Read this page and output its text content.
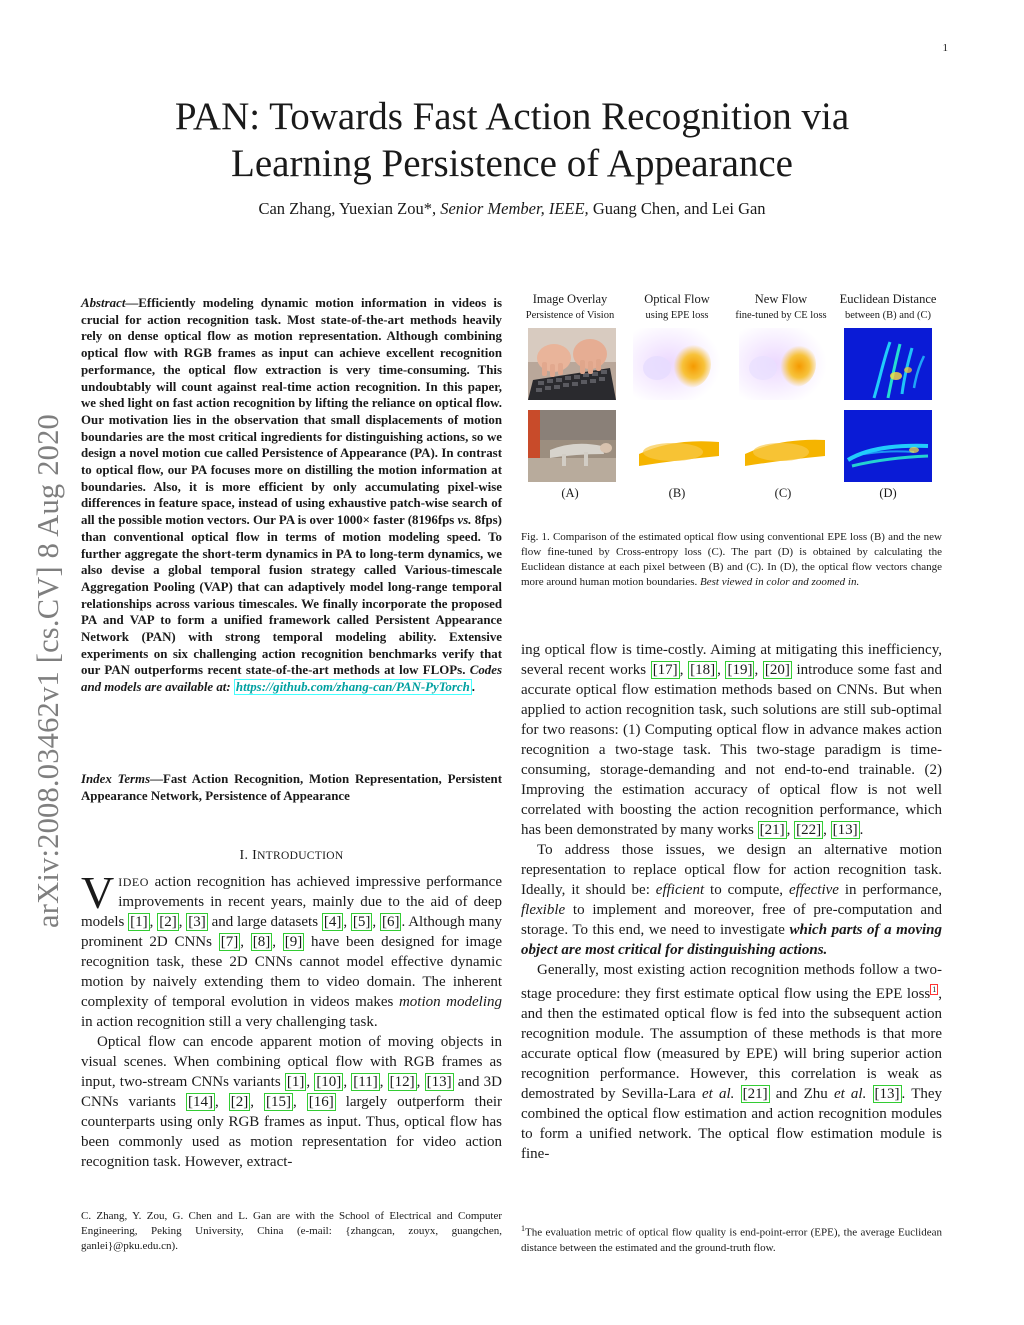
1
arXiv:2008.03462v1 [cs.CV] 8 Aug 2020
PAN: Towards Fast Action Recognition via
Learning Persistence of Appearance
Can Zhang, Yuexian Zou*, Senior Member, IEEE, Guang Chen, and Lei Gan
Abstract—Efficiently modeling dynamic motion information in videos is crucial for action recognition task. Most state-of-the-art methods heavily rely on dense optical flow as motion representation. Although combining optical flow with RGB frames as input can achieve excellent recognition performance, the optical flow extraction is very time-consuming. This undoubtably will count against real-time action recognition. In this paper, we shed light on fast action recognition by lifting the reliance on optical flow. Our motivation lies in the observation that small displacements of motion boundaries are the most critical ingredients for distinguishing actions, so we design a novel motion cue called Persistence of Appearance (PA). In contrast to optical flow, our PA focuses more on distilling the motion information at boundaries. Also, it is more efficient by only accumulating pixel-wise differences in feature space, instead of using exhaustive patch-wise search of all the possible motion vectors. Our PA is over 1000× faster (8196fps vs. 8fps) than conventional optical flow in terms of motion modeling speed. To further aggregate the short-term dynamics in PA to long-term dynamics, we also devise a global temporal fusion strategy called Various-timescale Aggregation Pooling (VAP) that can adaptively model long-range temporal relationships across various timescales. We finally incorporate the proposed PA and VAP to form a unified framework called Persistent Appearance Network (PAN) with strong temporal modeling ability. Extensive experiments on six challenging action recognition benchmarks verify that our PAN outperforms recent state-of-the-art methods at low FLOPs. Codes and models are available at: https://github.com/zhang-can/PAN-PyTorch .
Index Terms—Fast Action Recognition, Motion Representation, Persistent Appearance Network, Persistence of Appearance
I. INTRODUCTION

VIDEO action recognition has achieved impressive performance improvements in recent years, mainly due to the aid of deep models [1] , [2] , [3] and large datasets [4] , [5] , [6] . Although many prominent 2D CNNs [7] , [8] , [9] have been designed for image recognition task, these 2D CNNs cannot model effective dynamic motion by naively extending them to video domain. The inherent complexity of temporal evolution in videos makes motion modeling in action recognition still a very challenging task.

Optical flow can encode apparent motion of moving objects in visual scenes. When combining optical flow with RGB frames as input, two-stream CNNs variants [1] , [10] , [11] , [12] , [13] and 3D CNNs variants [14] , [2] , [15] , [16] largely outperform their counterparts using only RGB frames as input. Thus, optical flow has been commonly used as motion representation for video action recognition task. However, extract-

C. Zhang, Y. Zou, G. Chen and L. Gan are with the School of Electrical and Computer Engineering, Peking University, China (e-mail: {zhangcan, zouyx, guangchen, ganlei}@pku.edu.cn).
Image Overlay
Persistence of Vision
Optical Flow
using EPE loss
New Flow
fine-tuned by CE loss
Euclidean Distance
between (B) and (C)
(A)	(B)	(C)	(D)
Fig. 1. Comparison of the estimated optical flow using conventional EPE loss (B) and the new flow fine-tuned by Cross-entropy loss (C). The part (D) is obtained by calculating the Euclidean distance at each pixel between (B) and (C). In (D), the optical flow vectors change more around human motion boundaries. Best viewed in color and zoomed in.

ing optical flow is time-costly. Aiming at mitigating this inefficiency, several recent works [17] , [18] , [19] , [20] introduce some fast and accurate optical flow estimation methods based on CNNs. But when applied to action recognition task, such solutions are still sub-optimal for two reasons: (1) Computing optical flow in advance makes action recognition a two-stage task. This two-stage paradigm is time-consuming, storage-demanding and not end-to-end trainable. (2) Improving the estimation accuracy of optical flow is not well correlated with boosting the action recognition performance, which has been demonstrated by many works [21] , [22] , [13] .

To address those issues, we design an alternative motion representation to replace optical flow for action recognition task. Ideally, it should be: efficient to compute, effective in performance, flexible to implement and moreover, free of pre-computation and storage. To this end, we need to investigate which parts of a moving object are most critical for distinguishing actions.

Generally, most existing action recognition methods follow a two-stage procedure: they first estimate optical flow using the EPE loss $^1$ , and then the estimated optical flow is fed into the subsequent action recognition module. The assumption of these methods is that more accurate optical flow (measured by EPE) will bring superior action recognition performance. However, this correlation is weak as demostrated by Sevilla-Lara et al. [21] and Zhu et al. [13] . They combined the optical flow estimation and action recognition modules to form a unified network. The optical flow estimation module is fine-

$^1$The evaluation metric of optical flow quality is end-point-error (EPE), the average Euclidean distance between the estimated and the ground-truth flow.
